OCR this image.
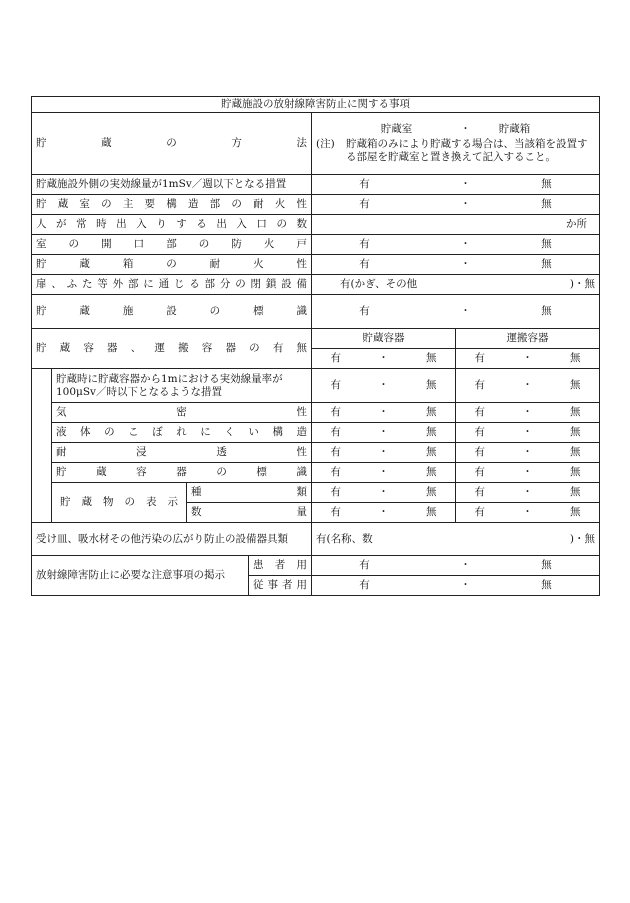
貯蔵施設の放射線障害防止に関する事項									

貯蔵の方法				貯蔵室 ・ 貯蔵箱
(注) 貯蔵箱のみにより貯蔵する場合は、当該箱を設置する部屋を貯蔵室と置き換えて記入すること。					

貯蔵施設外側の実効線量が1mSv／週以下となる措置				有 ・ 無					

貯蔵室の主要構造部の耐火性				有 ・ 無					

人が常時出入りする出入口の数				か所					

室の開口部の防火戸				有 ・ 無					

貯蔵箱の耐火性				有 ・ 無					

扉、ふた等外部に通じる部分の閉鎖設備				有(かぎ、その他 )・無					

貯蔵施設の標識				有 ・ 無					

貯蔵容器、運搬容器の有無				貯蔵容器			運搬容器		
				有	・	無	有	・	無
	貯蔵時に貯蔵容器から1mにおける実効線量率が100μSv／時以下となるような措置			有	・	無	有	・	無

	気密性			有	・	無	有	・	無

	液体のこぼれにくい構造			有	・	無	有	・	無

	耐浸透性			有	・	無	有	・	無

	貯蔵容器の標識			有	・	無	有	・	無

	貯蔵物の表示	種類		有	・	無	有	・	無

		数量		有	・	無	有	・	無
受け皿、吸水材その他汚染の広がり防止の設備器具類				有(名称、数 )・無					

放射線障害防止に必要な注意事項の掲示			患者用	有 ・ 無					

			従事者用	有 ・ 無					
